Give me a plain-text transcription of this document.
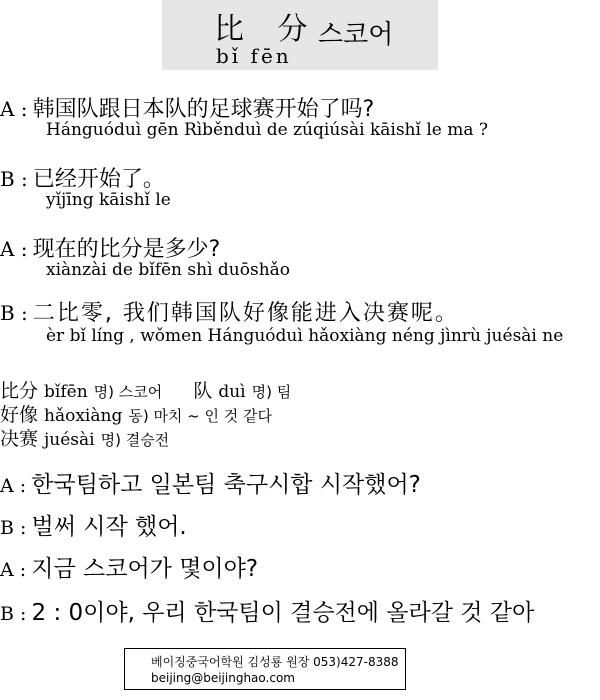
比 分
스코어
bǐ fēn
A : 韩国队跟日本队的足球赛开始了吗?
Hánguóduì gēn Rìběnduì de zúqiúsài kāishǐ le ma ?
B : 已经开始了。
yǐjīng kāishǐ le
A : 现在的比分是多少?
xiànzài de bǐfēn shì duōshǎo
B : 二比零, 我们韩国队好像能进入决赛呢。
èr bǐ líng , wǒmen Hánguóduì hǎoxiàng néng jìnrù juésài ne
比分 bǐfēn 명) 스코어 队 duì 명) 팀
好像 hǎoxiàng 동) 마치 ~ 인 것 같다
决赛 juésài 명) 결승전
A : 한국팀하고 일본팀 축구시합 시작했어?
B : 벌써 시작 했어.
A : 지금 스코어가 몇이야?
B : 2 : 0이야, 우리 한국팀이 결승전에 올라갈 것 같아
베이징중국어학원 김성룡 원장 053)427-8388
beijing@beijinghao.com
